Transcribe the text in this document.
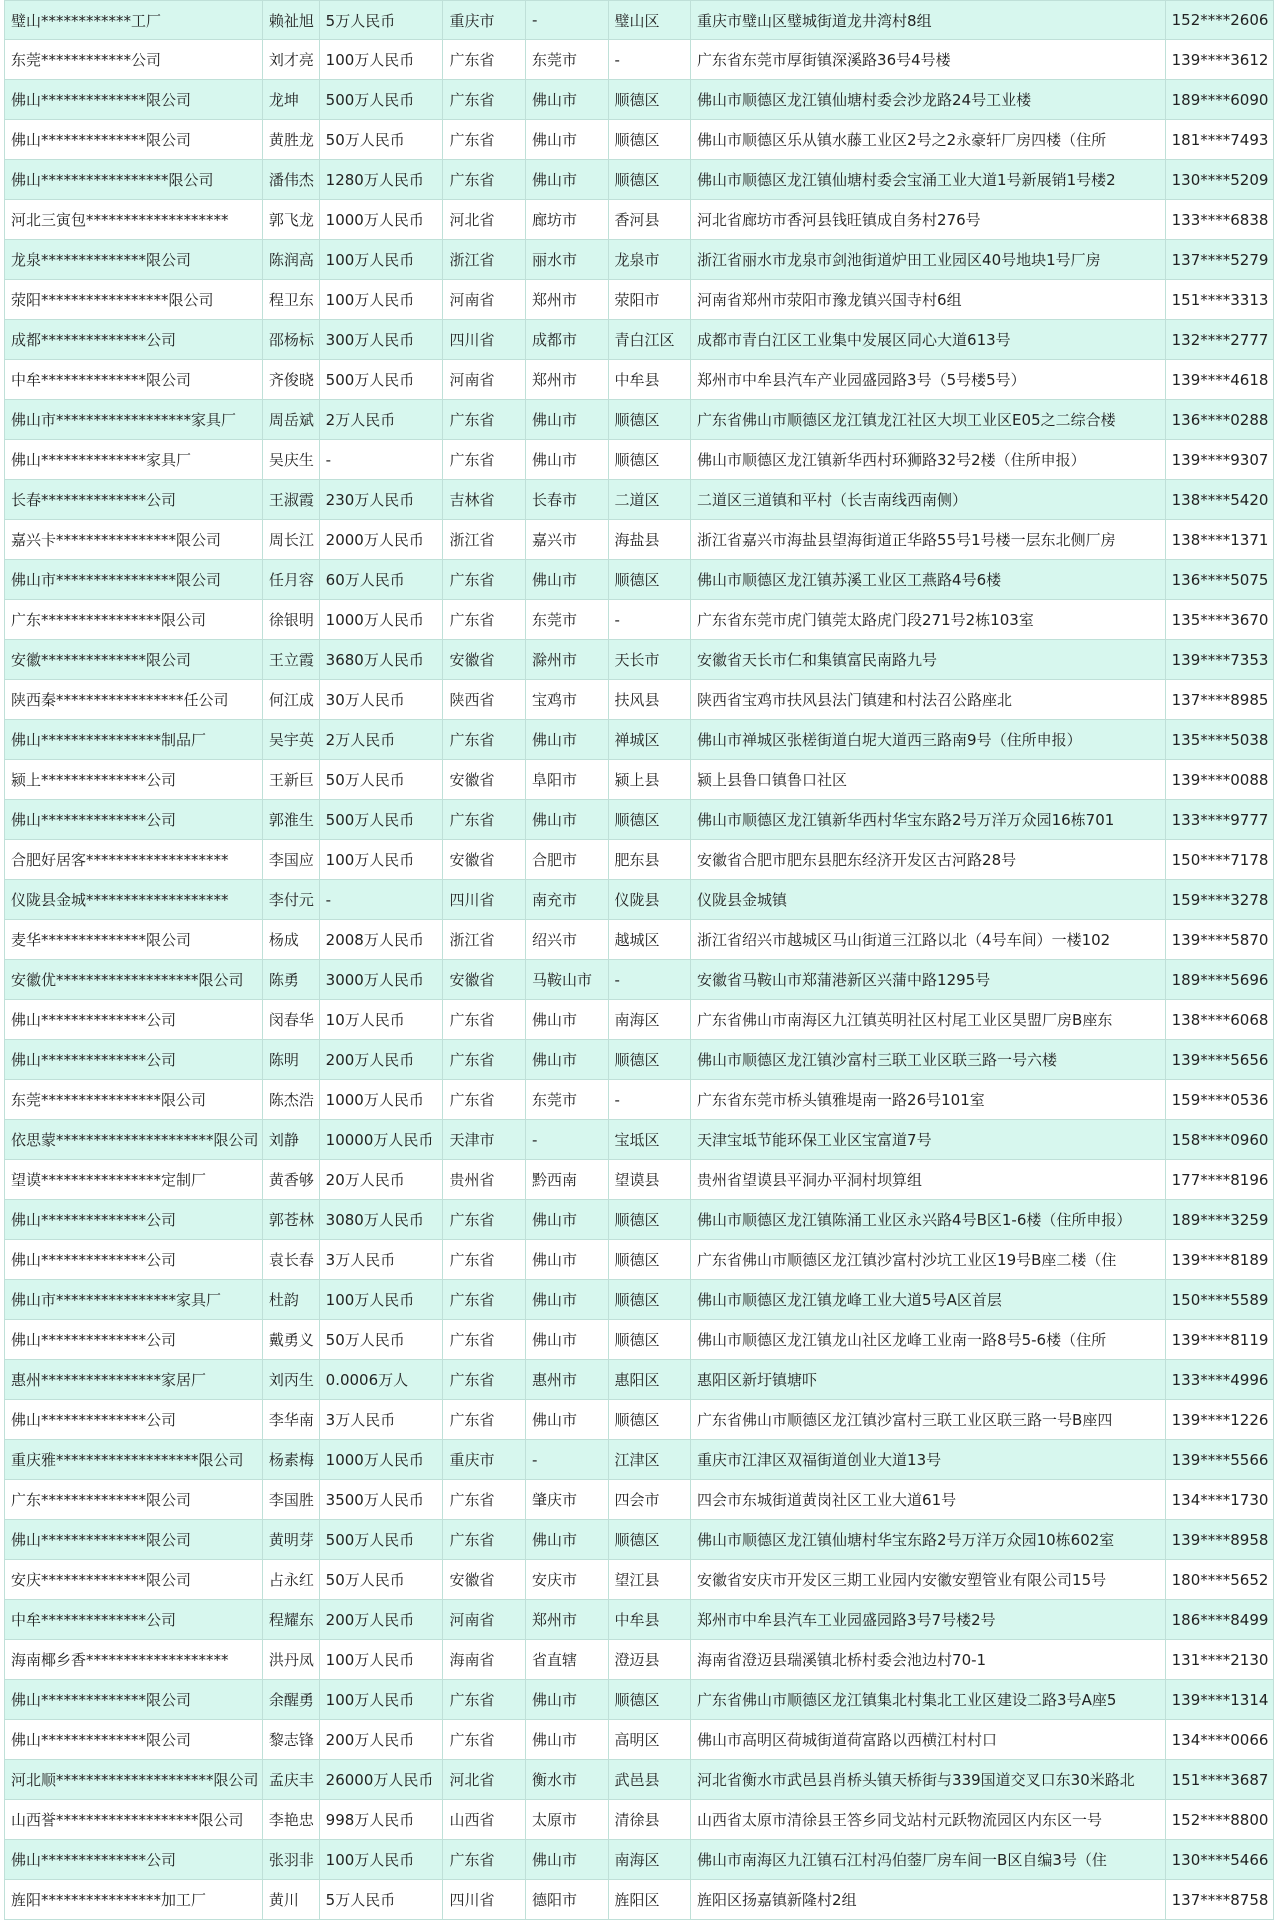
璧山************工厂	赖祉旭	5万人民币	重庆市	-	璧山区	重庆市璧山区璧城街道龙井湾村8组	152****2606
东莞************公司	刘才亮	100万人民币	广东省	东莞市	-	广东省东莞市厚街镇深溪路36号4号楼	139****3612
佛山**************限公司	龙坤	500万人民币	广东省	佛山市	顺德区	佛山市顺德区龙江镇仙塘村委会沙龙路24号工业楼	189****6090
佛山**************限公司	黄胜龙	50万人民币	广东省	佛山市	顺德区	佛山市顺德区乐从镇水藤工业区2号之2永豪轩厂房四楼（住所	181****7493
佛山*****************限公司	潘伟杰	1280万人民币	广东省	佛山市	顺德区	佛山市顺德区龙江镇仙塘村委会宝涌工业大道1号新展销1号楼2	130****5209
河北三寅包*******************	郭飞龙	1000万人民币	河北省	廊坊市	香河县	河北省廊坊市香河县钱旺镇成自务村276号	133****6838
龙泉**************限公司	陈润高	100万人民币	浙江省	丽水市	龙泉市	浙江省丽水市龙泉市剑池街道炉田工业园区40号地块1号厂房	137****5279
荥阳*****************限公司	程卫东	100万人民币	河南省	郑州市	荥阳市	河南省郑州市荥阳市豫龙镇兴国寺村6组	151****3313
成都**************公司	邵杨标	300万人民币	四川省	成都市	青白江区	成都市青白江区工业集中发展区同心大道613号	132****2777
中牟**************限公司	齐俊晓	500万人民币	河南省	郑州市	中牟县	郑州市中牟县汽车产业园盛园路3号（5号楼5号）	139****4618
佛山市******************家具厂	周岳斌	2万人民币	广东省	佛山市	顺德区	广东省佛山市顺德区龙江镇龙江社区大坝工业区E05之二综合楼	136****0288
佛山**************家具厂	吴庆生	-	广东省	佛山市	顺德区	佛山市顺德区龙江镇新华西村环狮路32号2楼（住所申报）	139****9307
长春**************公司	王淑霞	230万人民币	吉林省	长春市	二道区	二道区三道镇和平村（长吉南线西南侧）	138****5420
嘉兴卡****************限公司	周长江	2000万人民币	浙江省	嘉兴市	海盐县	浙江省嘉兴市海盐县望海街道正华路55号1号楼一层东北侧厂房	138****1371
佛山市****************限公司	任月容	60万人民币	广东省	佛山市	顺德区	佛山市顺德区龙江镇苏溪工业区工燕路4号6楼	136****5075
广东****************限公司	徐银明	1000万人民币	广东省	东莞市	-	广东省东莞市虎门镇莞太路虎门段271号2栋103室	135****3670
安徽**************限公司	王立霞	3680万人民币	安徽省	滁州市	天长市	安徽省天长市仁和集镇富民南路九号	139****7353
陕西秦*****************任公司	何江成	30万人民币	陕西省	宝鸡市	扶风县	陕西省宝鸡市扶风县法门镇建和村法召公路座北	137****8985
佛山****************制品厂	吴宇英	2万人民币	广东省	佛山市	禅城区	佛山市禅城区张槎街道白坭大道西三路南9号（住所申报）	135****5038
颍上**************公司	王新巨	50万人民币	安徽省	阜阳市	颍上县	颍上县鲁口镇鲁口社区	139****0088
佛山**************公司	郭淮生	500万人民币	广东省	佛山市	顺德区	佛山市顺德区龙江镇新华西村华宝东路2号万洋万众园16栋701	133****9777
合肥好居客*******************	李国应	100万人民币	安徽省	合肥市	肥东县	安徽省合肥市肥东县肥东经济开发区古河路28号	150****7178
仪陇县金城*******************	李付元	-	四川省	南充市	仪陇县	仪陇县金城镇	159****3278
麦华**************限公司	杨成	2008万人民币	浙江省	绍兴市	越城区	浙江省绍兴市越城区马山街道三江路以北（4号车间）一楼102	139****5870
安徽优*******************限公司	陈勇	3000万人民币	安徽省	马鞍山市	-	安徽省马鞍山市郑蒲港新区兴蒲中路1295号	189****5696
佛山**************公司	闵春华	10万人民币	广东省	佛山市	南海区	广东省佛山市南海区九江镇英明社区村尾工业区昊盟厂房B座东	138****6068
佛山**************公司	陈明	200万人民币	广东省	佛山市	顺德区	佛山市顺德区龙江镇沙富村三联工业区联三路一号六楼	139****5656
东莞****************限公司	陈杰浩	1000万人民币	广东省	东莞市	-	广东省东莞市桥头镇雅堤南一路26号101室	159****0536
依思蒙*********************限公司	刘静	10000万人民币	天津市	-	宝坻区	天津宝坻节能环保工业区宝富道7号	158****0960
望谟****************定制厂	黄香够	20万人民币	贵州省	黔西南	望谟县	贵州省望谟县平洞办平洞村坝算组	177****8196
佛山**************公司	郭苍林	3080万人民币	广东省	佛山市	顺德区	佛山市顺德区龙江镇陈涌工业区永兴路4号B区1-6楼（住所申报）	189****3259
佛山**************公司	袁长春	3万人民币	广东省	佛山市	顺德区	广东省佛山市顺德区龙江镇沙富村沙坑工业区19号B座二楼（住	139****8189
佛山市****************家具厂	杜韵	100万人民币	广东省	佛山市	顺德区	佛山市顺德区龙江镇龙峰工业大道5号A区首层	150****5589
佛山**************公司	戴勇义	50万人民币	广东省	佛山市	顺德区	佛山市顺德区龙江镇龙山社区龙峰工业南一路8号5-6楼（住所	139****8119
惠州****************家居厂	刘丙生	0.0006万人	广东省	惠州市	惠阳区	惠阳区新圩镇塘吓	133****4996
佛山**************公司	李华南	3万人民币	广东省	佛山市	顺德区	广东省佛山市顺德区龙江镇沙富村三联工业区联三路一号B座四	139****1226
重庆雅*******************限公司	杨素梅	1000万人民币	重庆市	-	江津区	重庆市江津区双福街道创业大道13号	139****5566
广东**************限公司	李国胜	3500万人民币	广东省	肇庆市	四会市	四会市东城街道黄岗社区工业大道61号	134****1730
佛山**************限公司	黄明芽	500万人民币	广东省	佛山市	顺德区	佛山市顺德区龙江镇仙塘村华宝东路2号万洋万众园10栋602室	139****8958
安庆**************限公司	占永红	50万人民币	安徽省	安庆市	望江县	安徽省安庆市开发区三期工业园内安徽安塑管业有限公司15号	180****5652
中牟**************公司	程耀东	200万人民币	河南省	郑州市	中牟县	郑州市中牟县汽车工业园盛园路3号7号楼2号	186****8499
海南椰乡香*******************	洪丹凤	100万人民币	海南省	省直辖	澄迈县	海南省澄迈县瑞溪镇北桥村委会池边村70-1	131****2130
佛山**************限公司	余醒勇	100万人民币	广东省	佛山市	顺德区	广东省佛山市顺德区龙江镇集北村集北工业区建设二路3号A座5	139****1314
佛山**************限公司	黎志锋	200万人民币	广东省	佛山市	高明区	佛山市高明区荷城街道荷富路以西横江村村口	134****0066
河北顺*********************限公司	孟庆丰	26000万人民币	河北省	衡水市	武邑县	河北省衡水市武邑县肖桥头镇天桥街与339国道交叉口东30米路北	151****3687
山西誉*******************限公司	李艳忠	998万人民币	山西省	太原市	清徐县	山西省太原市清徐县王答乡同戈站村元跃物流园区内东区一号	152****8800
佛山**************公司	张羽非	100万人民币	广东省	佛山市	南海区	佛山市南海区九江镇石江村冯伯蓥厂房车间一B区自编3号（住	130****5466
旌阳****************加工厂	黄川	5万人民币	四川省	德阳市	旌阳区	旌阳区扬嘉镇新隆村2组	137****8758
